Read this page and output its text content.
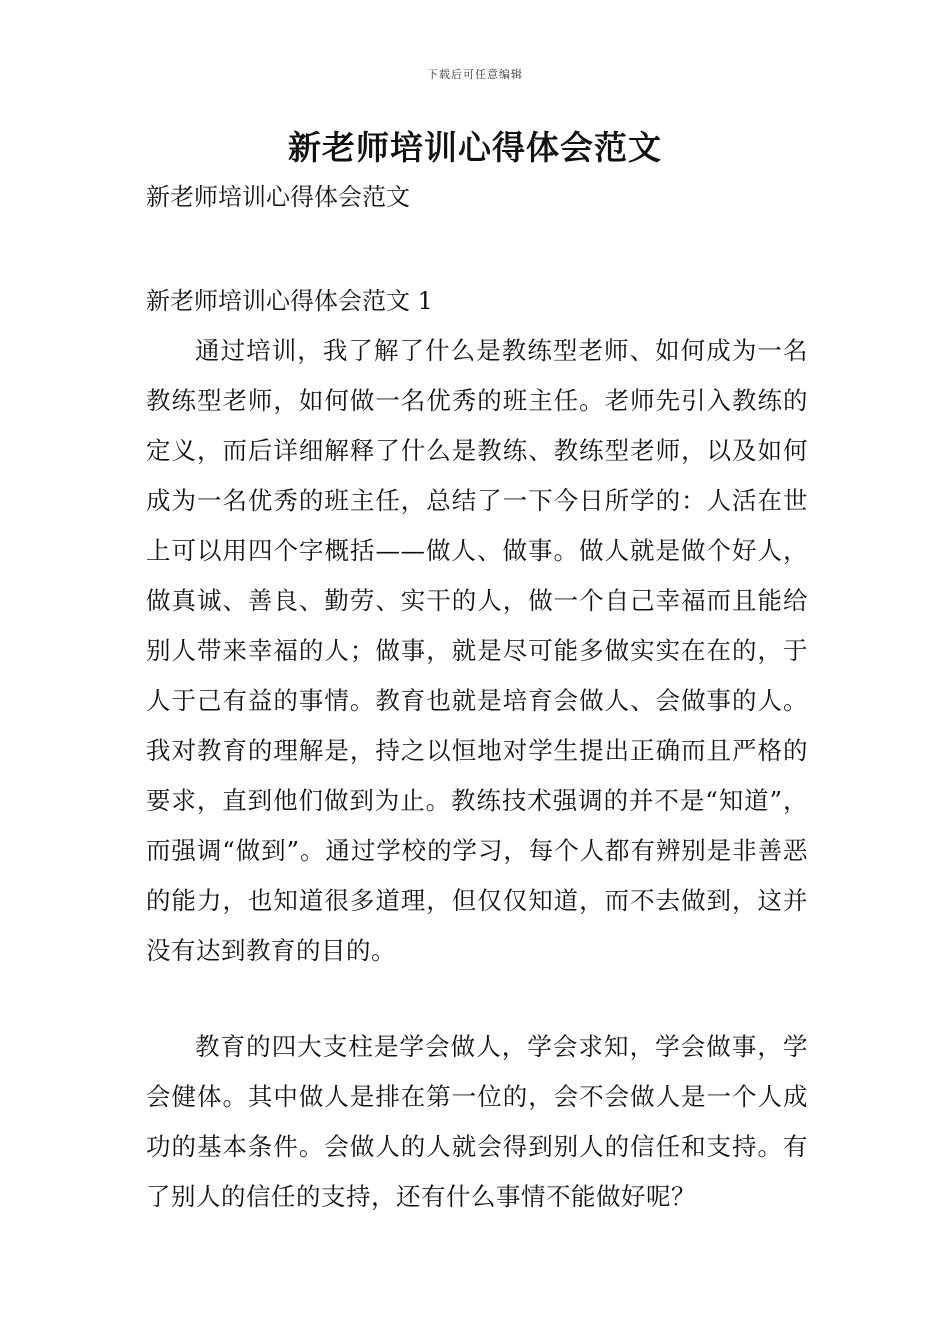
下载后可任意编辑
新老师培训心得体会范文

新老师培训心得体会范文

新老师培训心得体会范文 1

通过培训，我了解了什么是教练型老师、如何成为一名教练型老师，如何做一名优秀的班主任。老师先引入教练的定义，而后详细解释了什么是教练、教练型老师，以及如何成为一名优秀的班主任，总结了一下今日所学的：人活在世上可以用四个字概括——做人、做事。做人就是做个好人，做真诚、善良、勤劳、实干的人，做一个自己幸福而且能给别人带来幸福的人；做事，就是尽可能多做实实在在的，于人于己有益的事情。教育也就是培育会做人、会做事的人。我对教育的理解是，持之以恒地对学生提出正确而且严格的要求，直到他们做到为止。教练技术强调的并不是“知道”，而强调“做到”。通过学校的学习，每个人都有辨别是非善恶的能力，也知道很多道理，但仅仅知道，而不去做到，这并没有达到教育的目的。

教育的四大支柱是学会做人，学会求知，学会做事，学会健体。其中做人是排在第一位的，会不会做人是一个人成功的基本条件。会做人的人就会得到别人的信任和支持。有了别人的信任的支持，还有什么事情不能做好呢？
